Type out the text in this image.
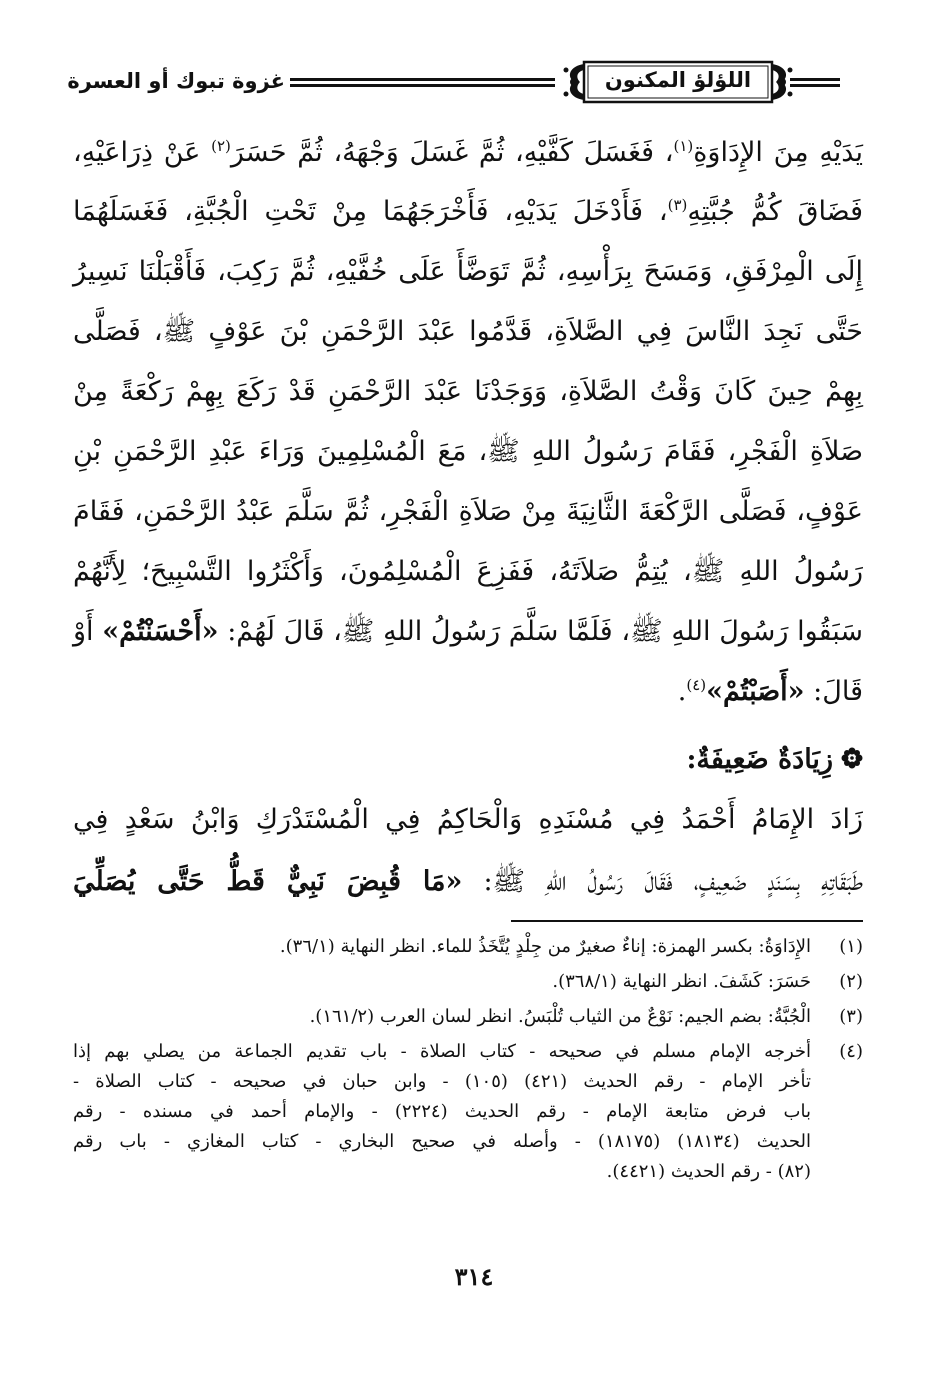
اللؤلؤ المكنون
غزوة تبوك أو العسرة
يَدَيْهِ مِنَ الإِدَاوَةِ$^{(١)}$، فَغَسَلَ كَفَّيْهِ، ثُمَّ غَسَلَ وَجْهَهُ، ثُمَّ حَسَرَ$^{(٢)}$ عَنْ ذِرَاعَيْهِ،
فَضَاقَ كُمُّ جُبَّتِهِ$^{(٣)}$، فَأَدْخَلَ يَدَيْهِ، فَأَخْرَجَهُمَا مِنْ تَحْتِ الْجُبَّةِ، فَغَسَلَهُمَا
إِلَى الْمِرْفَقِ، وَمَسَحَ بِرَأْسِهِ، ثُمَّ تَوَضَّأَ عَلَى خُفَّيْهِ، ثُمَّ رَكِبَ، فَأَقْبَلْنَا نَسِيرُ
حَتَّى نَجِدَ النَّاسَ فِي الصَّلاَةِ، قَدَّمُوا عَبْدَ الرَّحْمَنِ بْنَ عَوْفٍ ﷺ، فَصَلَّى
بِهِمْ حِينَ كَانَ وَقْتُ الصَّلاَةِ، وَوَجَدْنَا عَبْدَ الرَّحْمَنِ قَدْ رَكَعَ بِهِمْ رَكْعَةً مِنْ
صَلاَةِ الْفَجْرِ، فَقَامَ رَسُولُ اللهِ ﷺ، مَعَ الْمُسْلِمِينَ وَرَاءَ عَبْدِ الرَّحْمَنِ بْنِ
عَوْفٍ، فَصَلَّى الرَّكْعَةَ الثَّانِيَةَ مِنْ صَلاَةِ الْفَجْرِ، ثُمَّ سَلَّمَ عَبْدُ الرَّحْمَنِ، فَقَامَ
رَسُولُ اللهِ ﷺ، يُتِمُّ صَلاَتَهُ، فَفَزِعَ الْمُسْلِمُونَ، وَأَكْثَرُوا التَّسْبِيحَ؛ لِأَنَّهُمْ
سَبَقُوا رَسُولَ اللهِ ﷺ، فَلَمَّا سَلَّمَ رَسُولُ اللهِ ﷺ، قَالَ لَهُمْ: «أَحْسَنْتُمْ» أَوْ
قَالَ: «أَصَبْتُمْ»$^{(٤)}$.
زِيَادَةٌ ضَعِيفَةٌ:
زَادَ الإِمَامُ أَحْمَدُ فِي مُسْنَدِهِ وَالْحَاكِمُ فِي الْمُسْتَدْرَكِ وَابْنُ سَعْدٍ فِي
طَبَقَاتِهِ بِسَنَدٍ ضَعِيفٍ، فَقَالَ رَسُولُ اللهِ ﷺ: «مَا قُبِضَ نَبِيٌّ قَطُّ حَتَّى يُصَلِّيَ
(١)
الإِدَاوَةُ: بكسر الهمزة: إناءٌ صغيرٌ من جِلْدٍ يُتَّخَذُ للماء. انظر النهاية (٣٦/١).
(٢)
حَسَرَ: كَشَفَ. انظر النهاية (٣٦٨/١).
(٣)
الْجُبَّةُ: بضم الجيم: نَوْعٌ من الثياب تُلْبَسُ. انظر لسان العرب (١٦١/٢).
(٤)
أخرجه الإمام مسلم في صحيحه - كتاب الصلاة - باب تقديم الجماعة من يصلي بهم إذا
تأخر الإمام - رقم الحديث (٤٢١) (١٠٥) - وابن حبان في صحيحه - كتاب الصلاة -
باب فرض متابعة الإمام - رقم الحديث (٢٢٢٤) - والإمام أحمد في مسنده - رقم
الحديث (١٨١٣٤) (١٨١٧٥) - وأصله في صحيح البخاري - كتاب المغازي - باب رقم
(٨٢) - رقم الحديث (٤٤٢١).
٣١٤
